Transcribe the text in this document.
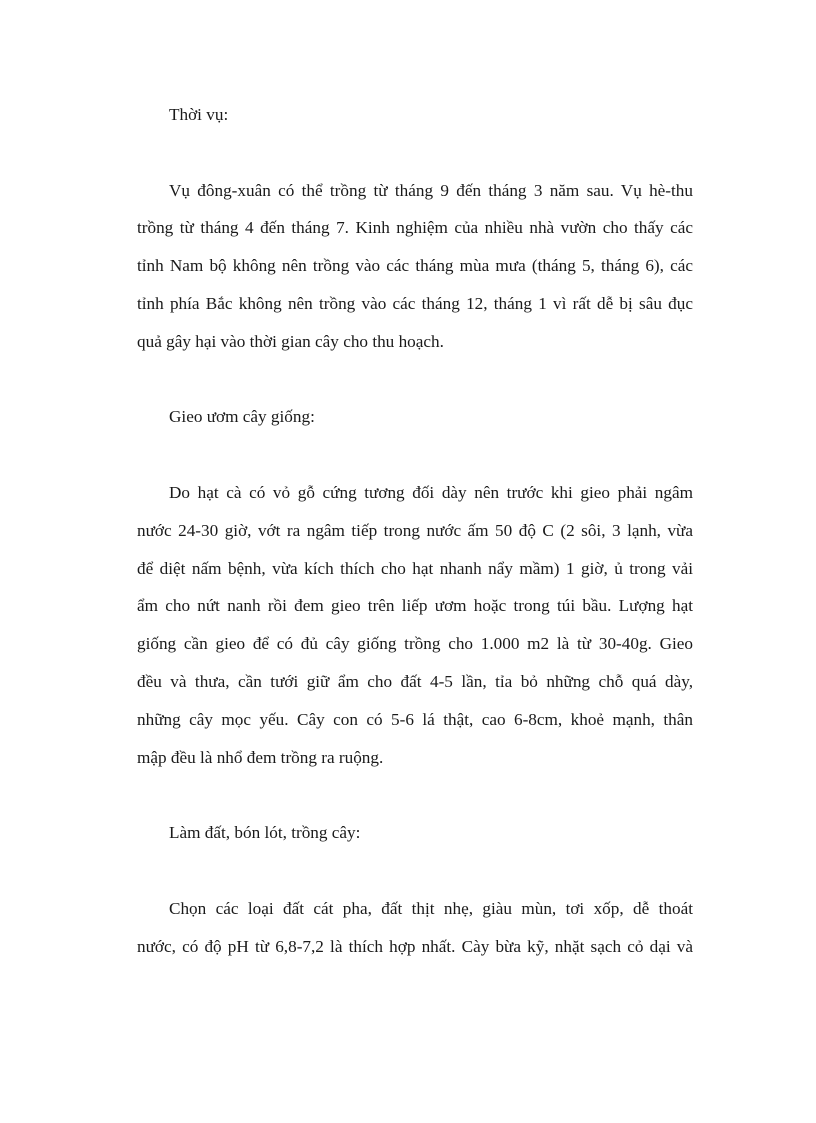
Thời vụ:
Vụ đông-xuân có thể trồng từ tháng 9 đến tháng 3 năm sau. Vụ hè-thu
trồng từ tháng 4 đến tháng 7. Kinh nghiệm của nhiều nhà vườn cho thấy các
tỉnh Nam bộ không nên trồng vào các tháng mùa mưa (tháng 5, tháng 6), các
tỉnh phía Bắc không nên trồng vào các tháng 12, tháng 1 vì rất dễ bị sâu đục
quả gây hại vào thời gian cây cho thu hoạch.
Gieo ươm cây giống:
Do hạt cà có vỏ gỗ cứng tương đối dày nên trước khi gieo phải ngâm
nước 24-30 giờ, vớt ra ngâm tiếp trong nước ấm 50 độ C (2 sôi, 3 lạnh, vừa
để diệt nấm bệnh, vừa kích thích cho hạt nhanh nẩy mầm) 1 giờ, ủ trong vải
ẩm cho nứt nanh rồi đem gieo trên liếp ươm hoặc trong túi bầu. Lượng hạt
giống cần gieo để có đủ cây giống trồng cho 1.000 m2 là từ 30-40g. Gieo
đều và thưa, cần tưới giữ ẩm cho đất 4-5 lần, tỉa bỏ những chỗ quá dày,
những cây mọc yếu. Cây con có 5-6 lá thật, cao 6-8cm, khoẻ mạnh, thân
mập đều là nhổ đem trồng ra ruộng.
Làm đất, bón lót, trồng cây:
Chọn các loại đất cát pha, đất thịt nhẹ, giàu mùn, tơi xốp, dễ thoát
nước, có độ pH từ 6,8-7,2 là thích hợp nhất. Cày bừa kỹ, nhặt sạch cỏ dại và
